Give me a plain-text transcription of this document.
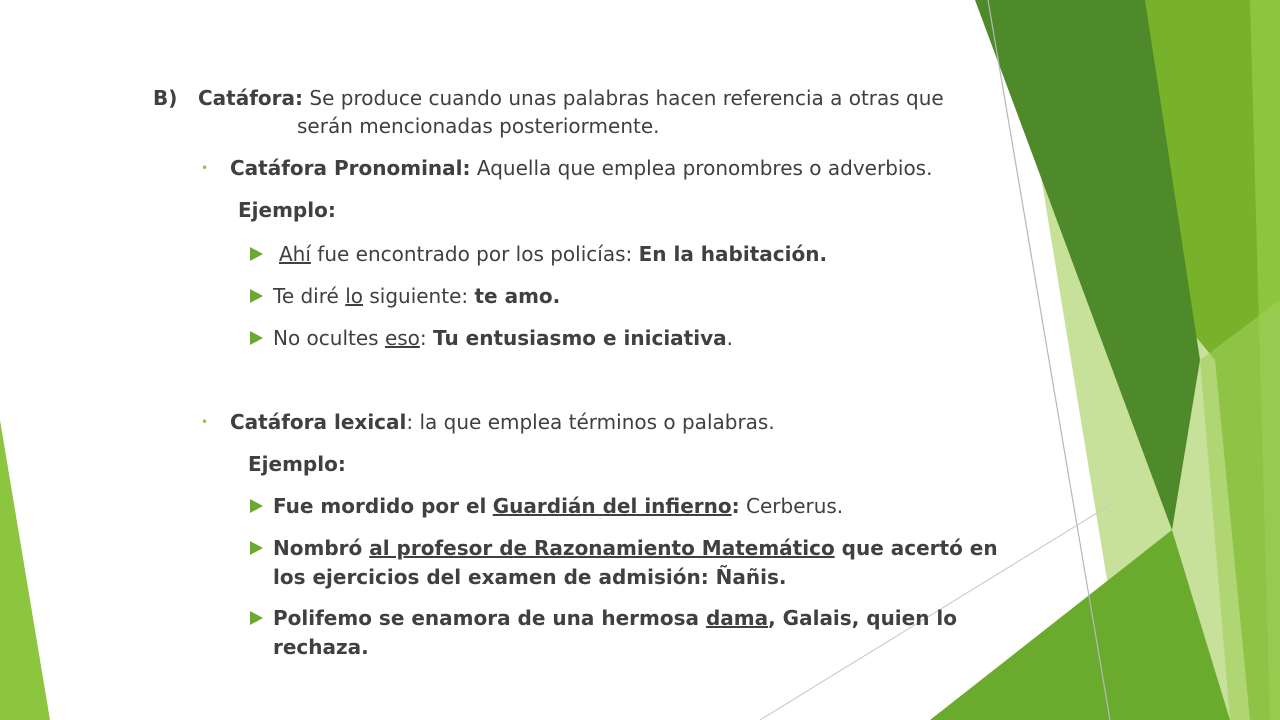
B) Catáfora: Se produce cuando unas palabras hacen referencia a otras que
serán mencionadas posteriormente.
• Catáfora Pronominal: Aquella que emplea pronombres o adverbios.
Ejemplo:
Ahí fue encontrado por los policías: En la habitación.
Te diré lo siguiente: te amo.
No ocultes eso: Tu entusiasmo e iniciativa.
• Catáfora lexical: la que emplea términos o palabras.
Ejemplo:
Fue mordido por el Guardián del infierno: Cerberus.
Nombró al profesor de Razonamiento Matemático que acertó en
los ejercicios del examen de admisión: Ñañis.
Polifemo se enamora de una hermosa dama, Galais, quien lo
rechaza.
